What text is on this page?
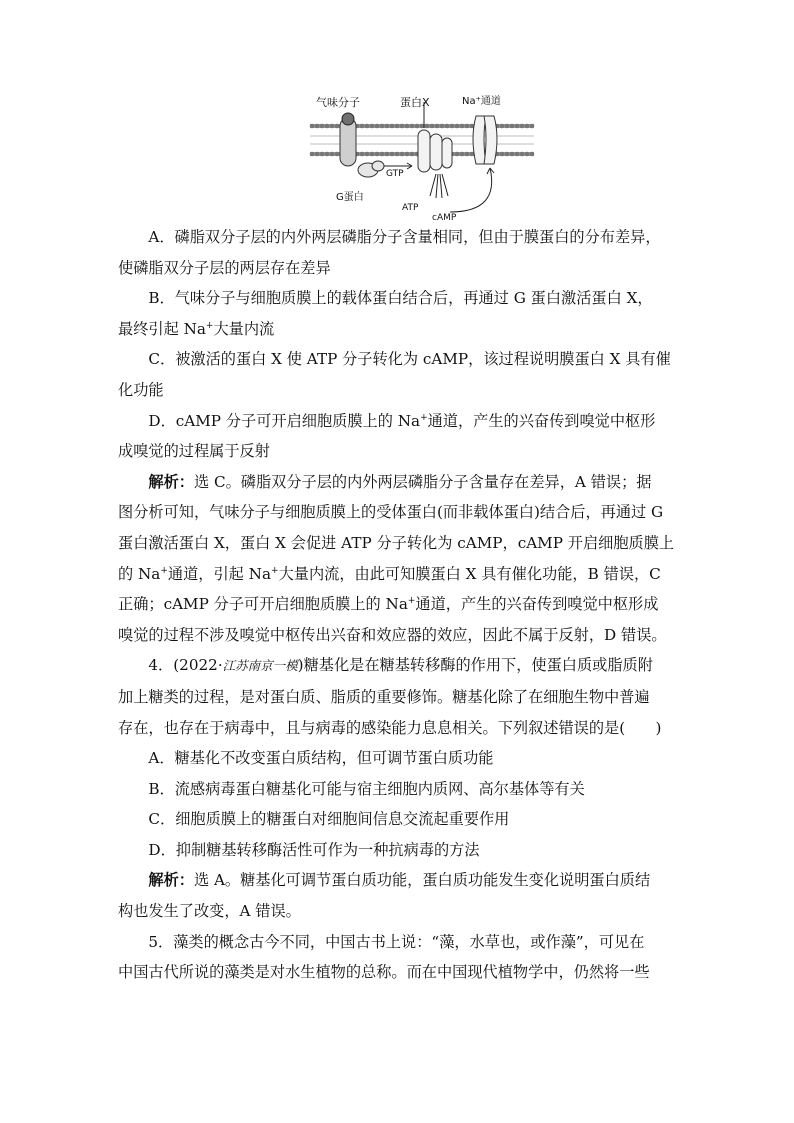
气味分子	蛋白X	Na⁺通道
GTP
G蛋白
ATP
cAMP

A．磷脂双分子层的内外两层磷脂分子含量相同，但由于膜蛋白的分布差异，

使磷脂双分子层的两层存在差异

B．气味分子与细胞质膜上的载体蛋白结合后，再通过 G 蛋白激活蛋白 X，

最终引起 Na+大量内流

C．被激活的蛋白 X 使 ATP 分子转化为 cAMP，该过程说明膜蛋白 X 具有催

化功能

D．cAMP 分子可开启细胞质膜上的 Na+通道，产生的兴奋传到嗅觉中枢形

成嗅觉的过程属于反射

解析：选 C。磷脂双分子层的内外两层磷脂分子含量存在差异，A 错误；据

图分析可知，气味分子与细胞质膜上的受体蛋白(而非载体蛋白)结合后，再通过 G

蛋白激活蛋白 X，蛋白 X 会促进 ATP 分子转化为 cAMP，cAMP 开启细胞质膜上

的 Na+通道，引起 Na+大量内流，由此可知膜蛋白 X 具有催化功能，B 错误，C

正确；cAMP 分子可开启细胞质膜上的 Na+通道，产生的兴奋传到嗅觉中枢形成

嗅觉的过程不涉及嗅觉中枢传出兴奋和效应器的效应，因此不属于反射，D 错误。

4．(2022·江苏南京一模)糖基化是在糖基转移酶的作用下，使蛋白质或脂质附

加上糖类的过程，是对蛋白质、脂质的重要修饰。糖基化除了在细胞生物中普遍

存在，也存在于病毒中，且与病毒的感染能力息息相关。下列叙述错误的是(　　)

A．糖基化不改变蛋白质结构，但可调节蛋白质功能

B．流感病毒蛋白糖基化可能与宿主细胞内质网、高尔基体等有关

C．细胞质膜上的糖蛋白对细胞间信息交流起重要作用

D．抑制糖基转移酶活性可作为一种抗病毒的方法

解析：选 A。糖基化可调节蛋白质功能，蛋白质功能发生变化说明蛋白质结

构也发生了改变，A 错误。

5．藻类的概念古今不同，中国古书上说：“藻，水草也，或作藻”，可见在

中国古代所说的藻类是对水生植物的总称。而在中国现代植物学中，仍然将一些
